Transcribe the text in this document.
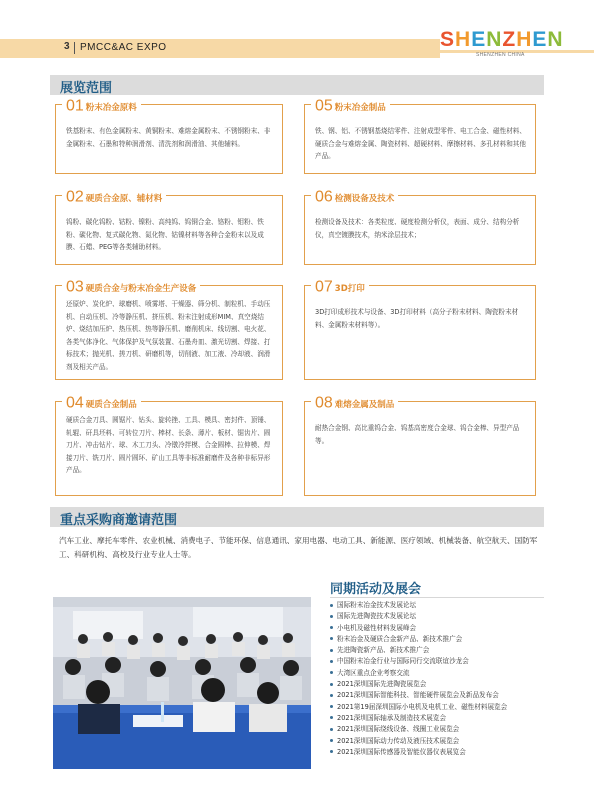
3 PMCC&AC EXPO	SHENZHEN
SHENZHEN CHINA
展览范围
01 粉末冶金原料
铁基粉末、有色金属粉末、黄铜粉末、难熔金属粉末、不锈钢粉末、非金属粉末、石墨和特种润滑剂、清洗剂和润滑油、其他辅料。
02 硬质合金原、辅材料
钨粉、碳化钨粉、钴粉、镍粉、高纯钨、钨铜合金、铬粉、钼粉、铁粉、碳化物、复式碳化物、氮化物、钴镍材料等各种合金粉末以及成膜、石蜡、PEG等各类辅助材料。
03 硬质合金与粉末冶金生产设备
还原炉、炭化炉、球磨机、喷雾塔、干燥器、筛分机、制粒机、手动压机、自动压机、冷等静压机、挤压机、粉末注射成形MIM、真空烧结炉、烧结加压炉、热压机、热等静压机、磨削机床、线切割、电火花、各类气体净化、气体保护及气氛装置、石墨舟皿、激光切割、焊接、打标技术；抛光机、搓刀机、研磨机等，切削液、加工液、冷却液、润滑剂及相关产品。
04 硬质合金制品
硬质合金刀具、圆锯片、钻头、旋转挫、工具、模具、密封件、顶锤、轧辊、矸具坯料、可转位刀片、棒材、长条、薄片、板材、锯齿片、圆刀片、冲击钻片、球、木工刀头、冷镦冷拌模、合金圆棒、拉伸模、焊接刀片、铣刀片、圆片圆环、矿山工具等非标准耐磨件及各种非标异形产品。
05 粉末冶金制品
铁、钢、铝、不锈钢基烧结零件、注射成型零件、电工合金、磁性材料、硬质合金与难熔金属、陶瓷材料、超硬材料、摩擦材料、多孔材料和其他产品。
06 检测设备及技术
检测设备及技术：各类粒度、硬度检测分析仪，表面、成分、结构分析仪，真空镀膜技术，纳米涂层技术；
07 3D打印
3D打印成形技术与设备、3D打印材料（高分子粉末材料、陶瓷粉末材料、金属粉末材料等）。
08 难熔金属及制品
耐热合金钢、高比重钨合金、钨基高密度合金球、钨合金棒、异型产品等。
重点采购商邀请范围
汽车工业、摩托车零件、农业机械、消费电子、节能环保、信息通讯、家用电器、电动工具、新能源、医疗领域、机械装备、航空航天、国防军工、科研机构、高校及行业专业人士等。
同期活动及展会
国际粉末冶金技术发展论坛
国际先进陶瓷技术发展论坛
小电机及磁性材料发展峰会
粉末冶金及硬质合金新产品、新技术推广会
先进陶瓷新产品、新技术推广会
中国粉末冶金行业与国际同行交流联谊沙龙会
大湾区重点企业考察交流
2021深圳国际先进陶瓷展览会
2021深圳国际智能科技、智能硬件展览会及新品发布会
2021第19届深圳国际小电机及电机工业、磁性材料展览会
2021深圳国际轴承及制造技术展览会
2021深圳国际绕线设备、线圈工业展览会
2021深圳国际动力传动及液压技术展览会
2021深圳国际传感器及智能仪器仪表展览会
